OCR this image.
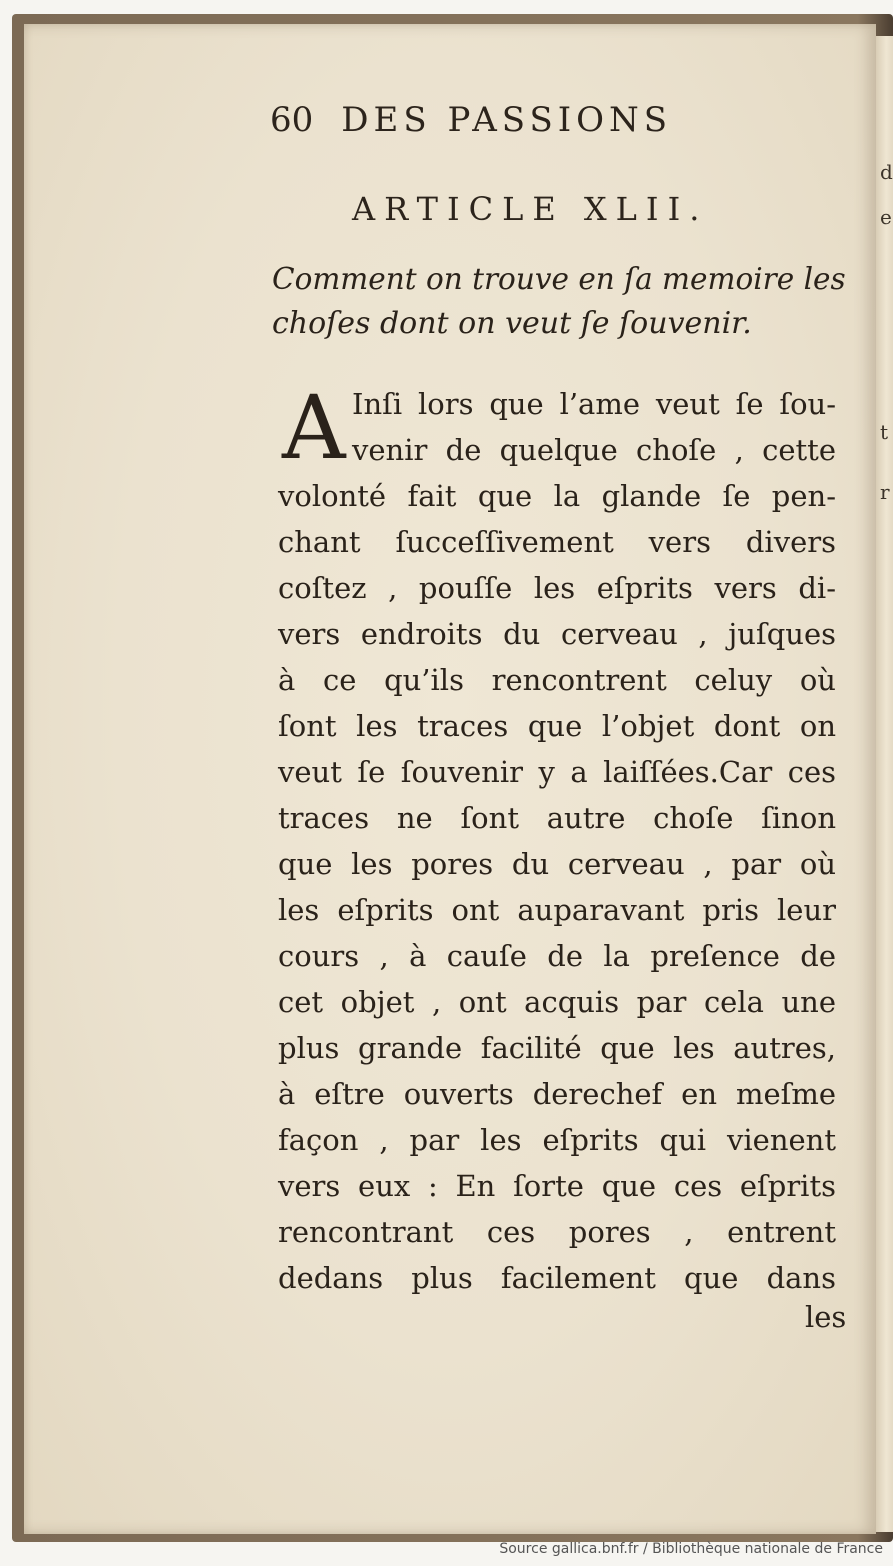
d
e
t
r
60 DES PASSIONS
ARTICLE XLII.
Comment on trouve en ſa memoire les
choſes dont on veut ſe ſouvenir.
A Inſi lors que l’ame veut ſe ſou-
venir de quelque choſe , cette
volonté fait que la glande ſe pen-
chant ſucceſſivement vers divers
coſtez , pouſſe les eſprits vers di-
vers endroits du cerveau , juſques
à ce qu’ils rencontrent celuy où
ſont les traces que l’objet dont on
veut ſe ſouvenir y a laiſſées.Car ces
traces ne ſont autre choſe ſinon
que les pores du cerveau , par où
les eſprits ont auparavant pris leur
cours , à cauſe de la preſence de
cet objet , ont acquis par cela une
plus grande facilité que les autres,
à eſtre ouverts derechef en meſme
façon , par les eſprits qui vienent
vers eux : En ſorte que ces eſprits
rencontrant ces pores , entrent
dedans plus facilement que dans
les
Source gallica.bnf.fr / Bibliothèque nationale de France
